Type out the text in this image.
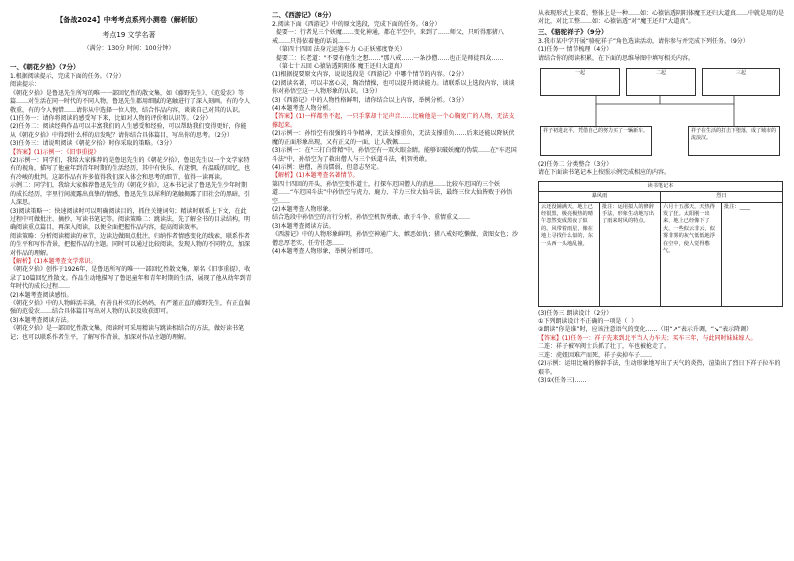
【备战2024】中考考点系列小测卷（解析版）

考点19 文学名著

（满分：130分 时间：100分钟）

一、《朝花夕拾》（7分）

1.根据阅读提示，完成下面的任务。（7分）
阅读提示：
《朝花夕拾》是鲁迅先生所写的唯一一部回忆性的散文集，如《藤野先生》、《范爱农》等篇……对生活在同一时代的不同人物，鲁迅先生都用细腻的笔触进行了深入刻画。有的令人敬重，有的令人惋惜……请你从中选择一位人物，结合作品内容，谈谈自己对其的认识。

(1)任务一：请你将阅读的感受写下来，比如对人物的评价和认识等。（2分）
(2)任务二：阅读经典作品可以丰富我们的人生感受和经验，可以帮助我们变得更好，你能从《朝花夕拾》中得到什么样的启发呢？请你结合具体篇目，写出你的思考。（2分）
(3)任务三：请说明阅读《朝花夕拾》时你采取的策略。（3分）

【答案】(1)示例一：《旧事重提》

(2)示例一：同学们，我给大家推荐的是鲁迅先生的《朝花夕拾》，鲁迅先生以一个文学家特有的视角，描写了他童年到青年时期的生活经历，其中有快乐、有迷惘，有温暖的回忆，也有冷峻的批判。这部作品有许多值得我们深入体会和思考的细节，值得一读再读。
示例二：同学们，我给大家推荐鲁迅先生的《朝花夕拾》，这本书记录了鲁迅先生少年时期的成长经历，字里行间流露出真挚的情感，鲁迅先生以犀利的笔触揭露了旧社会的黑暗，引人深思。
(3)阅读策略一：快速阅读时可以明确阅读目的，抓住关键词句；精读时联系上下文，在此过程中可做批注、摘抄、写读书笔记等。阅读策略二：跳读法，先了解全书的目录结构，明确阅读重点篇目，再深入阅读，以便全面把握作品内容，提高阅读效率。

阅读策略：分析阅读精读的章节，边读边做圈点批注，归纳作者情感变化的线索，联系作者的生平和写作背景，把握作品的主题。同时可以通过比较阅读，发现人物的不同特点，加深对作品的理解。

【解析】(1)本题考查文学常识。

《朝花夕拾》创作于1926年，是鲁迅所写的唯一一部回忆性散文集，原名《旧事重提》，收录了10篇回忆性散文。作品生动地描写了鲁迅童年和青年时期的生活，展现了他从幼年到青年时代的成长过程……
(2)本题考查阅读感悟。
《朝花夕拾》中的人物鲜活丰满，有善良朴实的长妈妈，有严谨正直的藤野先生，有正直倔强的范爱农……结合具体篇目写出对人物的认识及收获即可。
(3)本题考查阅读方法。
《朝花夕拾》是一部回忆性散文集，阅读时可采用精读与跳读相结合的方法，做好读书笔记；也可以联系作者生平，了解写作背景，加深对作品主题的理解。

二、《西游记》（8分）

2.阅读下面《西游记》中的原文选段，完成下面的任务。（8分）
提要一：行者见三个妖魔……变化神通，都在半空中，来到了……师父，只听得那猪八戒……只得依着他的话说……
（第四十四回 法身元运逢车力 心正妖邪度脊关）

提要二：长老道："不要有他生之想……"那八戒……一条沙僧……也正是师徒四众……
（第七十五回 心猿钻透阴阳体 魔王还归大道真）

(1)根据提要原文内容，说说选段是《西游记》中哪个情节的内容。（2分）
(2)阅读名著，可以丰富心灵，陶冶情操，也可以提升阅读能力。请联系以上选段内容，谈谈你对孙悟空这一人物形象的认识。（3分）
(3)《西游记》中的人物性格鲜明，请你结合以上内容，举例分析。（3分）
(4)本题考查人物分析。

【答案】(1)一样都坐不起，一只手掌却十足声音……比喻他是一个心胸宽广的人物，无法支撑起来。

(2)示例一：孙悟空有很强的斗争精神，无法支撑重负，无法支撑重负……后来还能以降妖伏魔的正面形象出现，又有正义的一面，让人敬佩……
(3)示例一：在"三打白骨精"中，孙悟空有一双火眼金睛，能够识破妖魔的伪装……在"车迟国斗法"中，孙悟空为了救出僧人与三个妖道斗法，机智勇敢。
(4)示例：唐僧，善良懦弱，但意志坚定。

【解析】(1)本题考查名著情节。

第四十四回的开头，孙悟空变作道士，打探车迟国僧人的消息……比较车迟国的三个妖道……“车迟国斗法”中孙悟空与虎力、鹿力、羊力三位大仙斗法，最终三位大仙皆败于孙悟空……
(2)本题考查人物形象。
结合选段中孙悟空的言行分析，孙悟空机智勇敢、敢于斗争、重情重义……
(3)本题考查阅读方法。
《西游记》中的人物形象鲜明，孙悟空神通广大、嫉恶如仇；猪八戒好吃懒做、贪图女色；沙僧忠厚老实、任劳任怨……
(4)本题考查人物形象，举例分析即可。

从表现形式上来看，整体上是一种……如：心猿钻透阴阳体魔王还归大道真……中就是用的是对比，对比工整……如：心猿钻透“对”魔王还归“大道真”。

三、《骆驼祥子》（9分）

3.我市某中学开展“骆驼祥子”角色选读活动，请你参与并完成下列任务。（9分）
(1)任务一 情节梳理（4分）
请结合你的阅读积累，在下面的思维导图中填写相关内容。

一起	二起	三起
祥子初进北平，凭借自己的努力买了一辆新车。	祥子在生活的打击下堕落，成了城市的流浪汉。

(2)任务二 分类整合（3分）
请在下面读书笔记本上按照示例完成相应的内容。

读书笔记本			
暴风雨		烈日	
云还没铺满天，地上已经很黑，极亮极热的晴午忽然变成黑夜了似的。风带着雨星，像在地上寻找什么似的，东一头西一头地乱撞。	批注：运用拟人的修辞手法，形象生动地写出了雨来时风的特点。	六月十五那天，天热得发了狂。太阳刚一出来，地上已经像下了火。一些似云非云，似雾非雾的灰气低低地浮在空中，使人觉得憋气。	批注：____

(3)任务三 朗读设计（2分）
①下列朗读设计不正确的一项是（  ）
②朗读“你是谁”时，应该注意语气的变化……（用“↗”表示升调，“↘”表示降调）

【答案】(1)任务一：祥子先来到北平当人力车夫；买车三年，与此同时妹妹嫁人。

二连：祥子被军阀士兵抓了壮丁，车也被抢走了。
三连：虎妞因难产而死，祥子卖掉车子……
(2)示例：运用比喻的修辞手法，生动形象地写出了天气的炎热，渲染出了烈日下祥子拉车的艰辛。
(3)①(任务三)……
